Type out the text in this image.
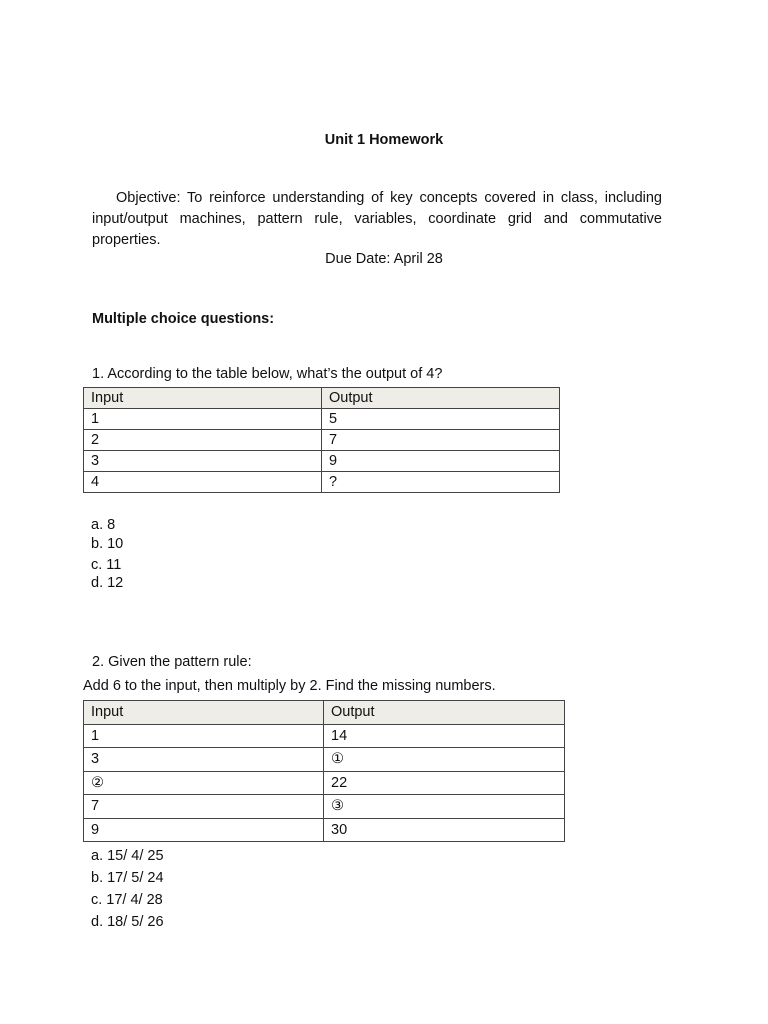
Unit 1 Homework
Objective: To reinforce understanding of key concepts covered in class, including input/output machines, pattern rule, variables, coordinate grid and commutative properties.
Due Date: April 28
Multiple choice questions:
1. According to the table below, what’s the output of 4?
Input	Output
1	5
2	7
3	9
4	?
a. 8
b. 10
c. 11
d. 12
2. Given the pattern rule:
Add 6 to the input, then multiply by 2. Find the missing numbers.
Input	Output
1	14
3	①
②	22
7	③
9	30
a. 15/ 4/ 25
b. 17/ 5/ 24
c. 17/ 4/ 28
d. 18/ 5/ 26
